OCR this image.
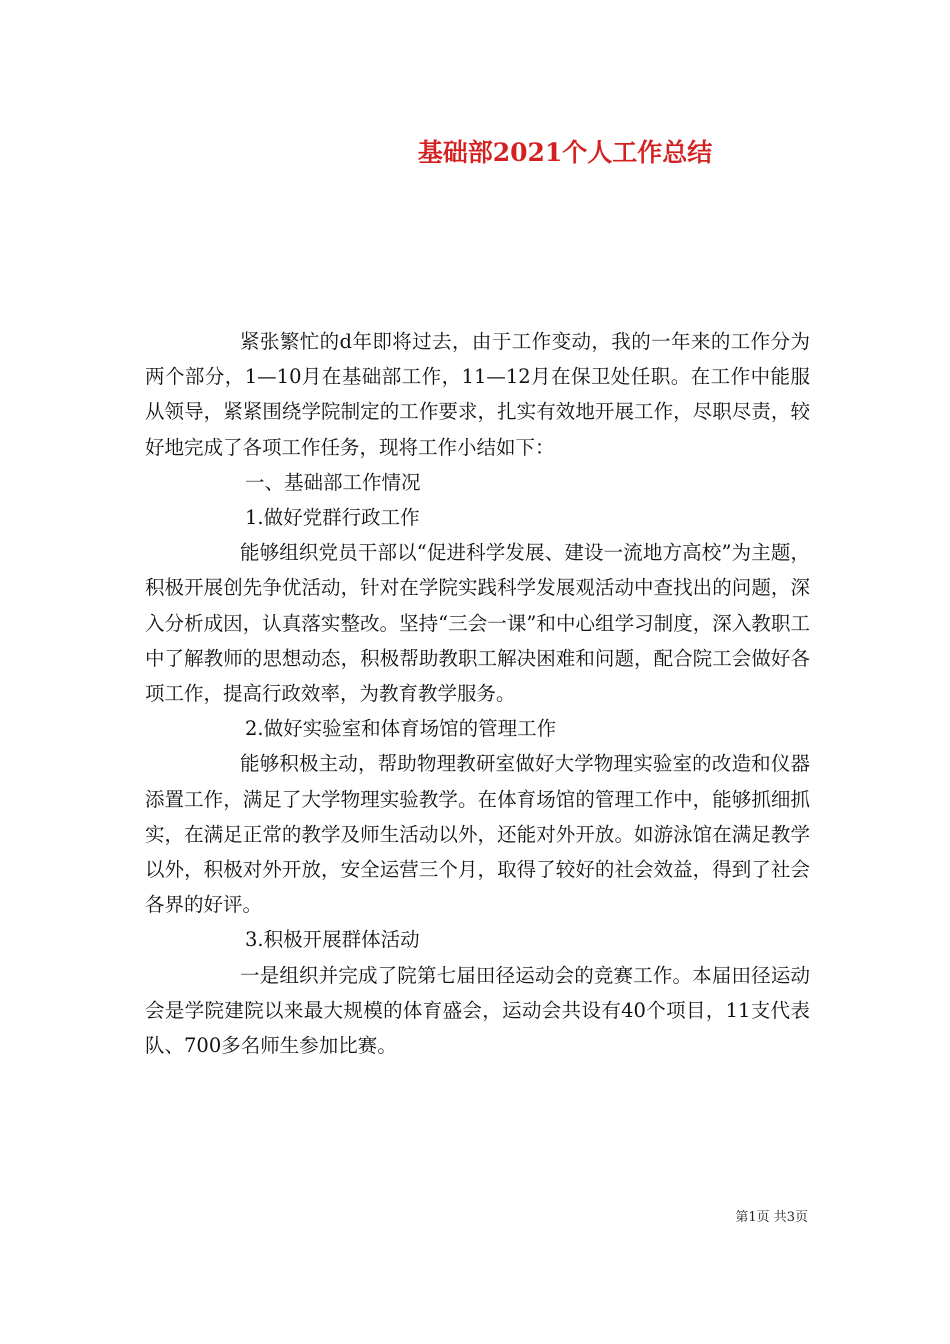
基础部2021个人工作总结

紧张繁忙的d年即将过去，由于工作变动，我的一年来的工作分为两个部分，1—10月在基础部工作，11—12月在保卫处任职。在工作中能服从领导，紧紧围绕学院制定的工作要求，扎实有效地开展工作，尽职尽责，较好地完成了各项工作任务，现将工作小结如下：

一、基础部工作情况

1.做好党群行政工作

能够组织党员干部以“促进科学发展、建设一流地方高校”为主题，积极开展创先争优活动，针对在学院实践科学发展观活动中查找出的问题，深入分析成因，认真落实整改。坚持“三会一课”和中心组学习制度，深入教职工中了解教师的思想动态，积极帮助教职工解决困难和问题，配合院工会做好各项工作，提高行政效率，为教育教学服务。

2.做好实验室和体育场馆的管理工作

能够积极主动，帮助物理教研室做好大学物理实验室的改造和仪器添置工作，满足了大学物理实验教学。在体育场馆的管理工作中，能够抓细抓实，在满足正常的教学及师生活动以外，还能对外开放。如游泳馆在满足教学以外，积极对外开放，安全运营三个月，取得了较好的社会效益，得到了社会各界的好评。

3.积极开展群体活动

一是组织并完成了院第七届田径运动会的竞赛工作。本届田径运动会是学院建院以来最大规模的体育盛会，运动会共设有40个项目，11支代表队、700多名师生参加比赛。

第1页 共3页
